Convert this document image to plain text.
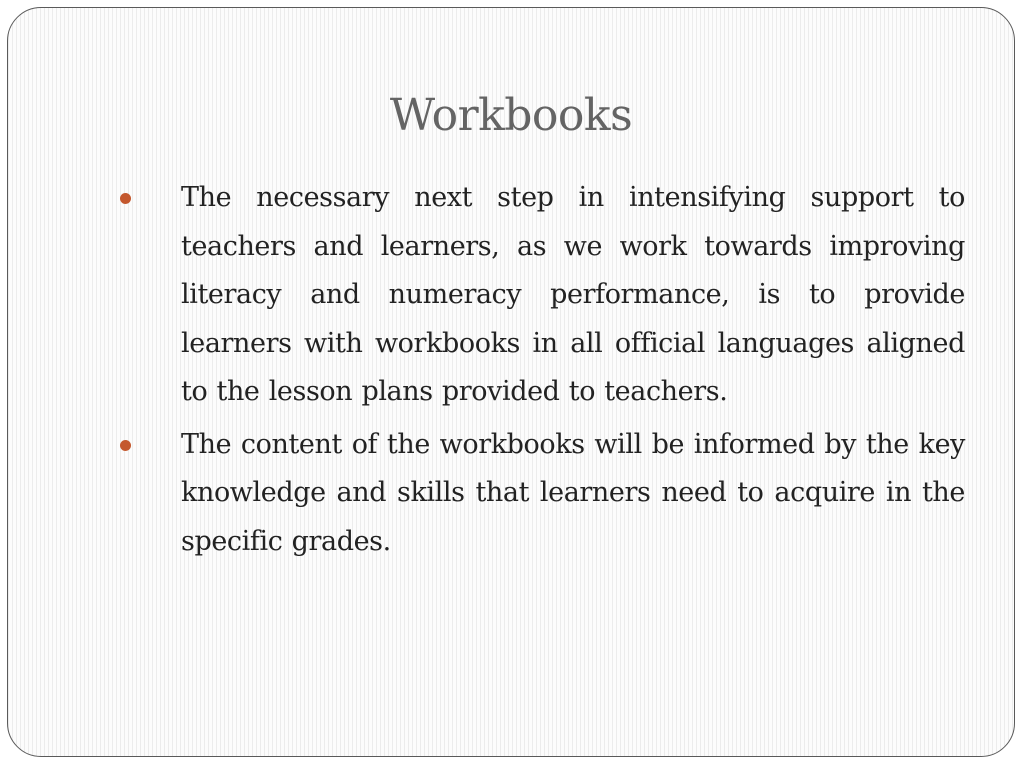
Workbooks
The necessary next step in intensifying support to teachers and learners, as we work towards improving literacy and numeracy performance, is to provide learners with workbooks in all official languages aligned to the lesson plans provided to teachers.
The content of the workbooks will be informed by the key knowledge and skills that learners need to acquire in the specific grades.
